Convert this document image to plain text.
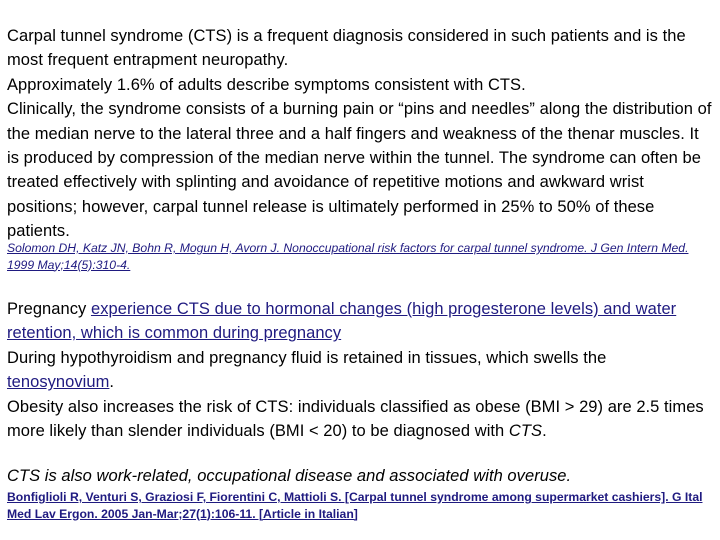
Carpal tunnel syndrome (CTS) is a frequent diagnosis considered in such patients and is the most frequent entrapment neuropathy.

Approximately 1.6% of adults describe symptoms consistent with CTS.

Clinically, the syndrome consists of a burning pain or “pins and needles” along the distribution of the median nerve to the lateral three and a half fingers and weakness of the thenar muscles. It is produced by compression of the median nerve within the tunnel. The syndrome can often be treated effectively with splinting and avoidance of repetitive motions and awkward wrist positions; however, carpal tunnel release is ultimately performed in 25% to 50% of these patients.

Solomon DH, Katz JN, Bohn R, Mogun H, Avorn J. Nonoccupational risk factors for carpal tunnel syndrome. J Gen Intern Med. 1999 May;14(5):310-4.

Pregnancy experience CTS due to hormonal changes (high progesterone levels) and water retention, which is common during pregnancy

During hypothyroidism and pregnancy fluid is retained in tissues, which swells the tenosynovium.

Obesity also increases the risk of CTS: individuals classified as obese (BMI > 29) are 2.5 times more likely than slender individuals (BMI < 20) to be diagnosed with CTS.

CTS is also work-related, occupational disease and associated with overuse.
Bonfiglioli R, Venturi S, Graziosi F, Fiorentini C, Mattioli S. [Carpal tunnel syndrome among supermarket cashiers]. G Ital Med Lav Ergon. 2005 Jan-Mar;27(1):106-11. [Article in Italian]
